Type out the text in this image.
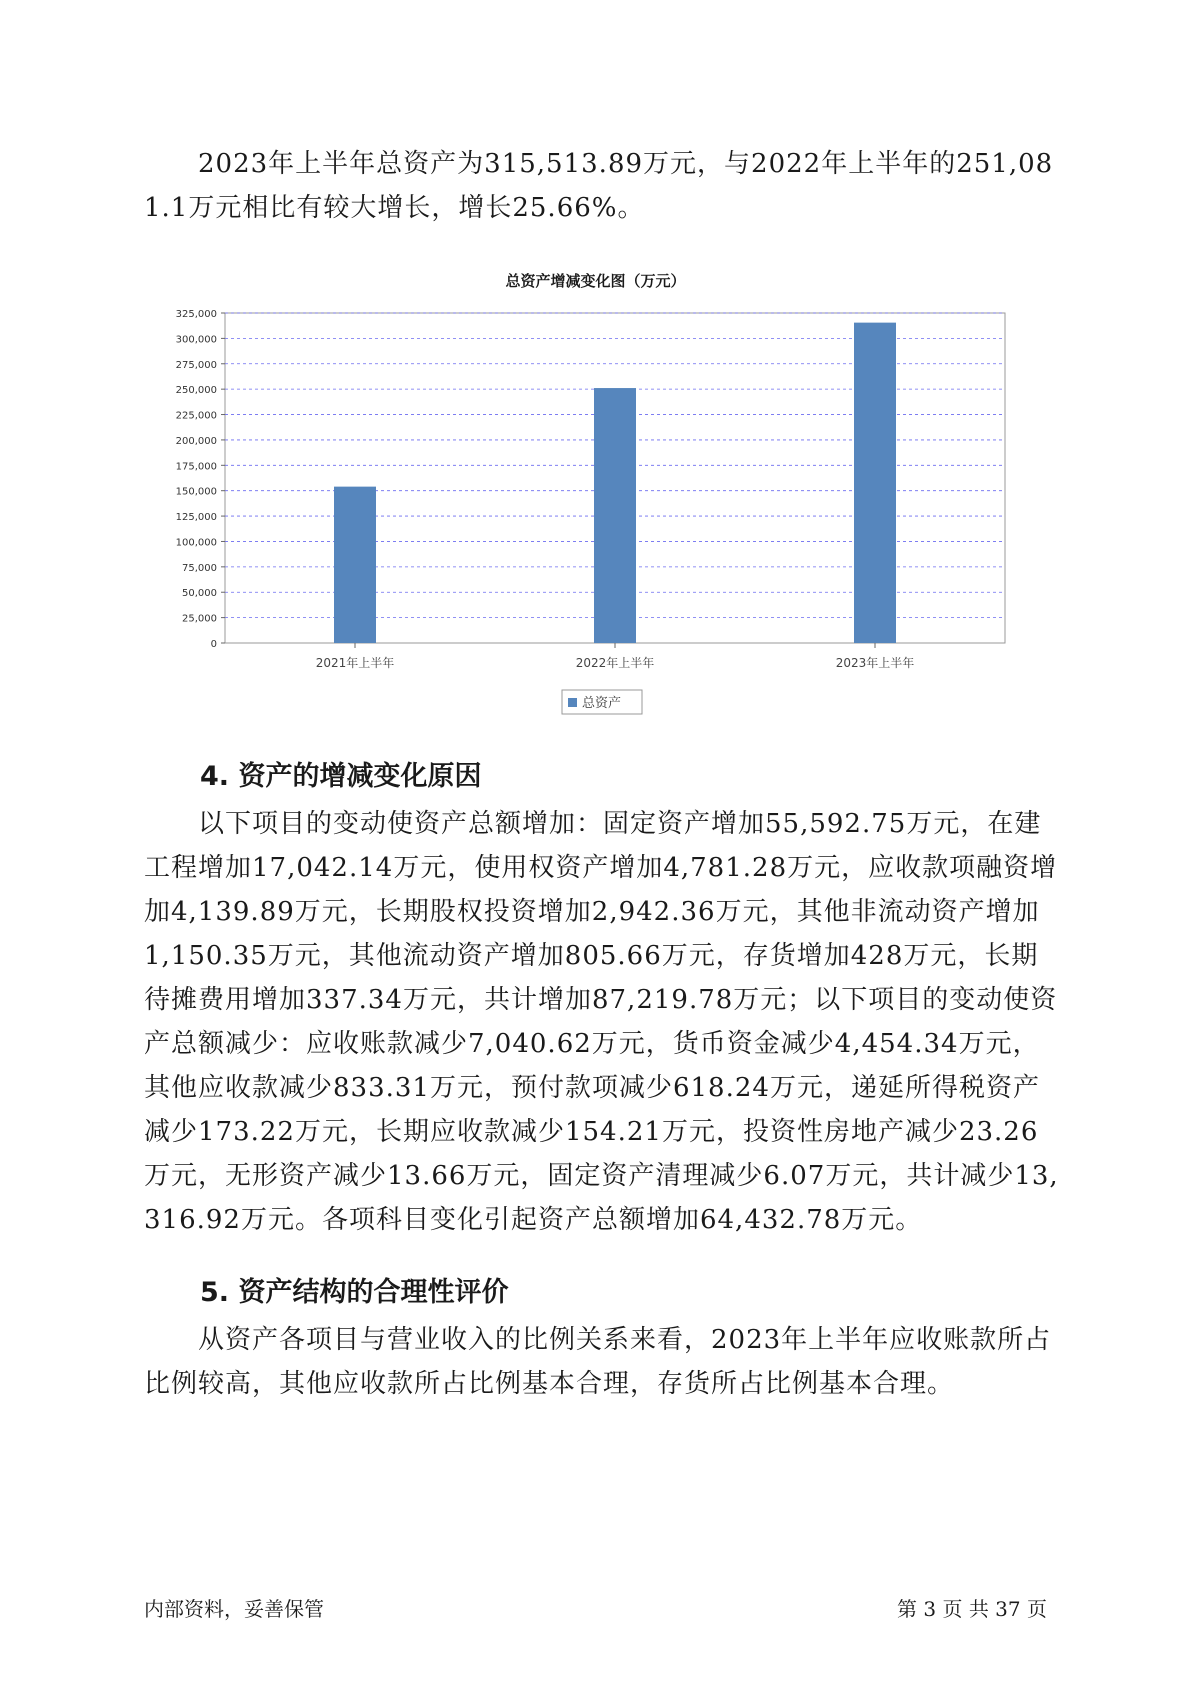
2023年上半年总资产为315,513.89万元，与2022年上半年的251,081.1万元相比有较大增长，增长25.66%。

总资产增减变化图（万元）

0
25,000
50,000
75,000
100,000
125,000
150,000
175,000
200,000
225,000
250,000
275,000
300,000
325,000
2021年上半年	2022年上半年	2023年上半年
总资产
4. 资产的增减变化原因

以下项目的变动使资产总额增加：固定资产增加55,592.75万元，在建工程增加17,042.14万元，使用权资产增加4,781.28万元，应收款项融资增加4,139.89万元，长期股权投资增加2,942.36万元，其他非流动资产增加1,150.35万元，其他流动资产增加805.66万元，存货增加428万元，长期待摊费用增加337.34万元，共计增加87,219.78万元；以下项目的变动使资产总额减少：应收账款减少7,040.62万元，货币资金减少4,454.34万元，其他应收款减少833.31万元，预付款项减少618.24万元，递延所得税资产减少173.22万元，长期应收款减少154.21万元，投资性房地产减少23.26万元，无形资产减少13.66万元，固定资产清理减少6.07万元，共计减少13,316.92万元。各项科目变化引起资产总额增加64,432.78万元。

5. 资产结构的合理性评价

从资产各项目与营业收入的比例关系来看，2023年上半年应收账款所占比例较高，其他应收款所占比例基本合理，存货所占比例基本合理。

内部资料，妥善保管	第 3 页 共 37 页
